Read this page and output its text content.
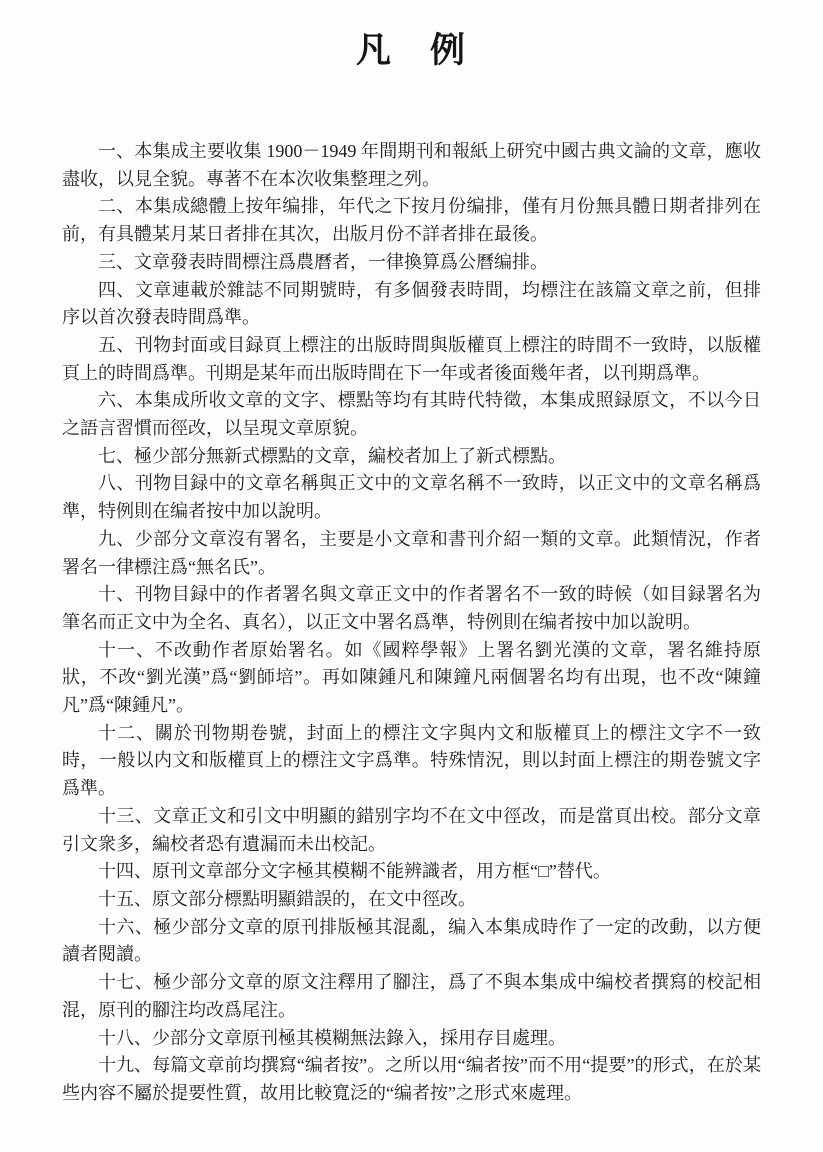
凡　例

一、本集成主要收集 1900－1949 年間期刊和報紙上研究中國古典文論的文章，應收盡收，以見全貌。專著不在本次收集整理之列。

二、本集成總體上按年编排，年代之下按月份编排，僅有月份無具體日期者排列在前，有具體某月某日者排在其次，出版月份不詳者排在最後。

三、文章發表時間標注爲農曆者，一律換算爲公曆编排。

四、文章連載於雜誌不同期號時，有多個發表時間，均標注在該篇文章之前，但排序以首次發表時間爲準。

五、刊物封面或目録頁上標注的出版時間與版權頁上標注的時間不一致時，以版權頁上的時間爲準。刊期是某年而出版時間在下一年或者後面幾年者，以刊期爲準。

六、本集成所收文章的文字、標點等均有其時代特徵，本集成照録原文，不以今日之語言習慣而徑改，以呈現文章原貌。

七、極少部分無新式標點的文章，編校者加上了新式標點。

八、刊物目録中的文章名稱與正文中的文章名稱不一致時，以正文中的文章名稱爲準，特例則在编者按中加以說明。

九、少部分文章沒有署名，主要是小文章和書刊介紹一類的文章。此類情況，作者署名一律標注爲“無名氏”。

十、刊物目録中的作者署名與文章正文中的作者署名不一致的時候（如目録署名为筆名而正文中为全名、真名），以正文中署名爲準，特例則在编者按中加以說明。

十一、不改動作者原始署名。如《國粹學報》上署名劉光漢的文章，署名維持原狀，不改“劉光漢”爲“劉師培”。再如陳鍾凡和陳鐘凡兩個署名均有出現，也不改“陳鐘凡”爲“陳鍾凡”。

十二、關於刊物期卷號，封面上的標注文字與内文和版權頁上的標注文字不一致時，一般以内文和版權頁上的標注文字爲準。特殊情況，則以封面上標注的期卷號文字爲準。

十三、文章正文和引文中明顯的錯别字均不在文中徑改，而是當頁出校。部分文章引文衆多，編校者恐有遺漏而未出校記。

十四、原刊文章部分文字極其模糊不能辨識者，用方框“□”替代。

十五、原文部分標點明顯錯誤的，在文中徑改。

十六、極少部分文章的原刊排版極其混亂，编入本集成時作了一定的改動，以方便讀者閱讀。

十七、極少部分文章的原文注釋用了腳注，爲了不與本集成中编校者撰寫的校記相混，原刊的腳注均改爲尾注。

十八、少部分文章原刊極其模糊無法錄入，採用存目處理。

十九、每篇文章前均撰寫“编者按”。之所以用“编者按”而不用“提要”的形式，在於某些内容不屬於提要性質，故用比較寬泛的“编者按”之形式來處理。
